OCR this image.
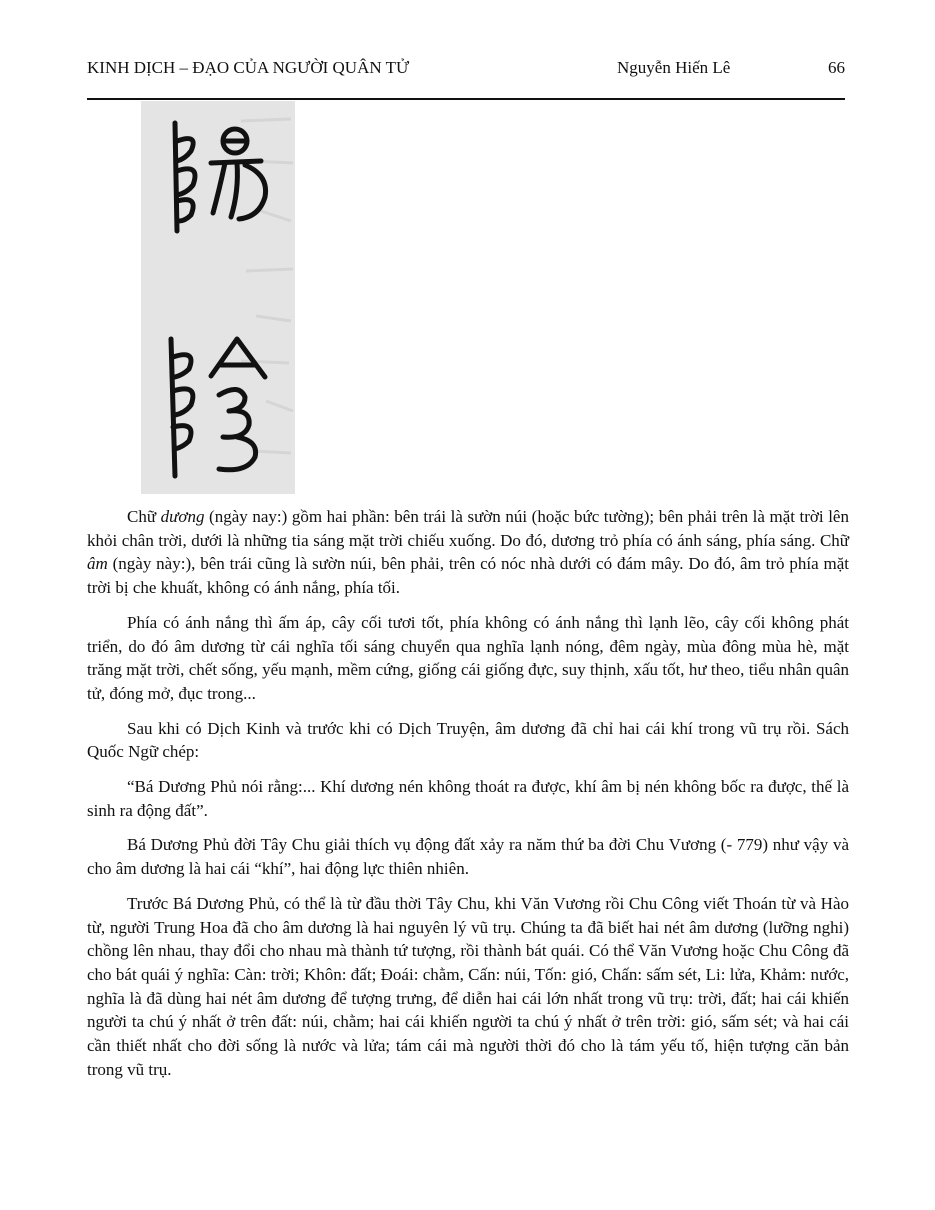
KINH DỊCH – ĐẠO CỦA NGƯỜI QUÂN TỬ	Nguyễn Hiến Lê	66

Chữ dương (ngày nay:) gồm hai phần: bên trái là sườn núi (hoặc bức tường); bên phải trên là mặt trời lên khỏi chân trời, dưới là những tia sáng mặt trời chiếu xuống. Do đó, dương trỏ phía có ánh sáng, phía sáng. Chữ âm (ngày này:), bên trái cũng là sườn núi, bên phải, trên có nóc nhà dưới có đám mây. Do đó, âm trỏ phía mặt trời bị che khuất, không có ánh nắng, phía tối.

Phía có ánh nắng thì ấm áp, cây cối tươi tốt, phía không có ánh nắng thì lạnh lẽo, cây cối không phát triển, do đó âm dương từ cái nghĩa tối sáng chuyển qua nghĩa lạnh nóng, đêm ngày, mùa đông mùa hè, mặt trăng mặt trời, chết sống, yếu mạnh, mềm cứng, giống cái giống đực, suy thịnh, xấu tốt, hư theo, tiểu nhân quân tử, đóng mở, đục trong...

Sau khi có Dịch Kinh và trước khi có Dịch Truyện, âm dương đã chỉ hai cái khí trong vũ trụ rồi. Sách Quốc Ngữ chép:

“Bá Dương Phủ nói rằng:... Khí dương nén không thoát ra được, khí âm bị nén không bốc ra được, thế là sinh ra động đất”.

Bá Dương Phủ đời Tây Chu giải thích vụ động đất xảy ra năm thứ ba đời Chu Vương (- 779) như vậy và cho âm dương là hai cái “khí”, hai động lực thiên nhiên.

Trước Bá Dương Phủ, có thể là từ đầu thời Tây Chu, khi Văn Vương rồi Chu Công viết Thoán từ và Hào từ, người Trung Hoa đã cho âm dương là hai nguyên lý vũ trụ. Chúng ta đã biết hai nét âm dương (lưỡng nghi) chồng lên nhau, thay đổi cho nhau mà thành tứ tượng, rồi thành bát quái. Có thể Văn Vương hoặc Chu Công đã cho bát quái ý nghĩa: Càn: trời; Khôn: đất; Đoái: chằm, Cấn: núi, Tốn: gió, Chấn: sấm sét, Li: lửa, Khảm: nước, nghĩa là đã dùng hai nét âm dương để tượng trưng, để diễn hai cái lớn nhất trong vũ trụ: trời, đất; hai cái khiến người ta chú ý nhất ở trên đất: núi, chằm; hai cái khiến người ta chú ý nhất ở trên trời: gió, sấm sét; và hai cái cần thiết nhất cho đời sống là nước và lửa; tám cái mà người thời đó cho là tám yếu tố, hiện tượng căn bản trong vũ trụ.
